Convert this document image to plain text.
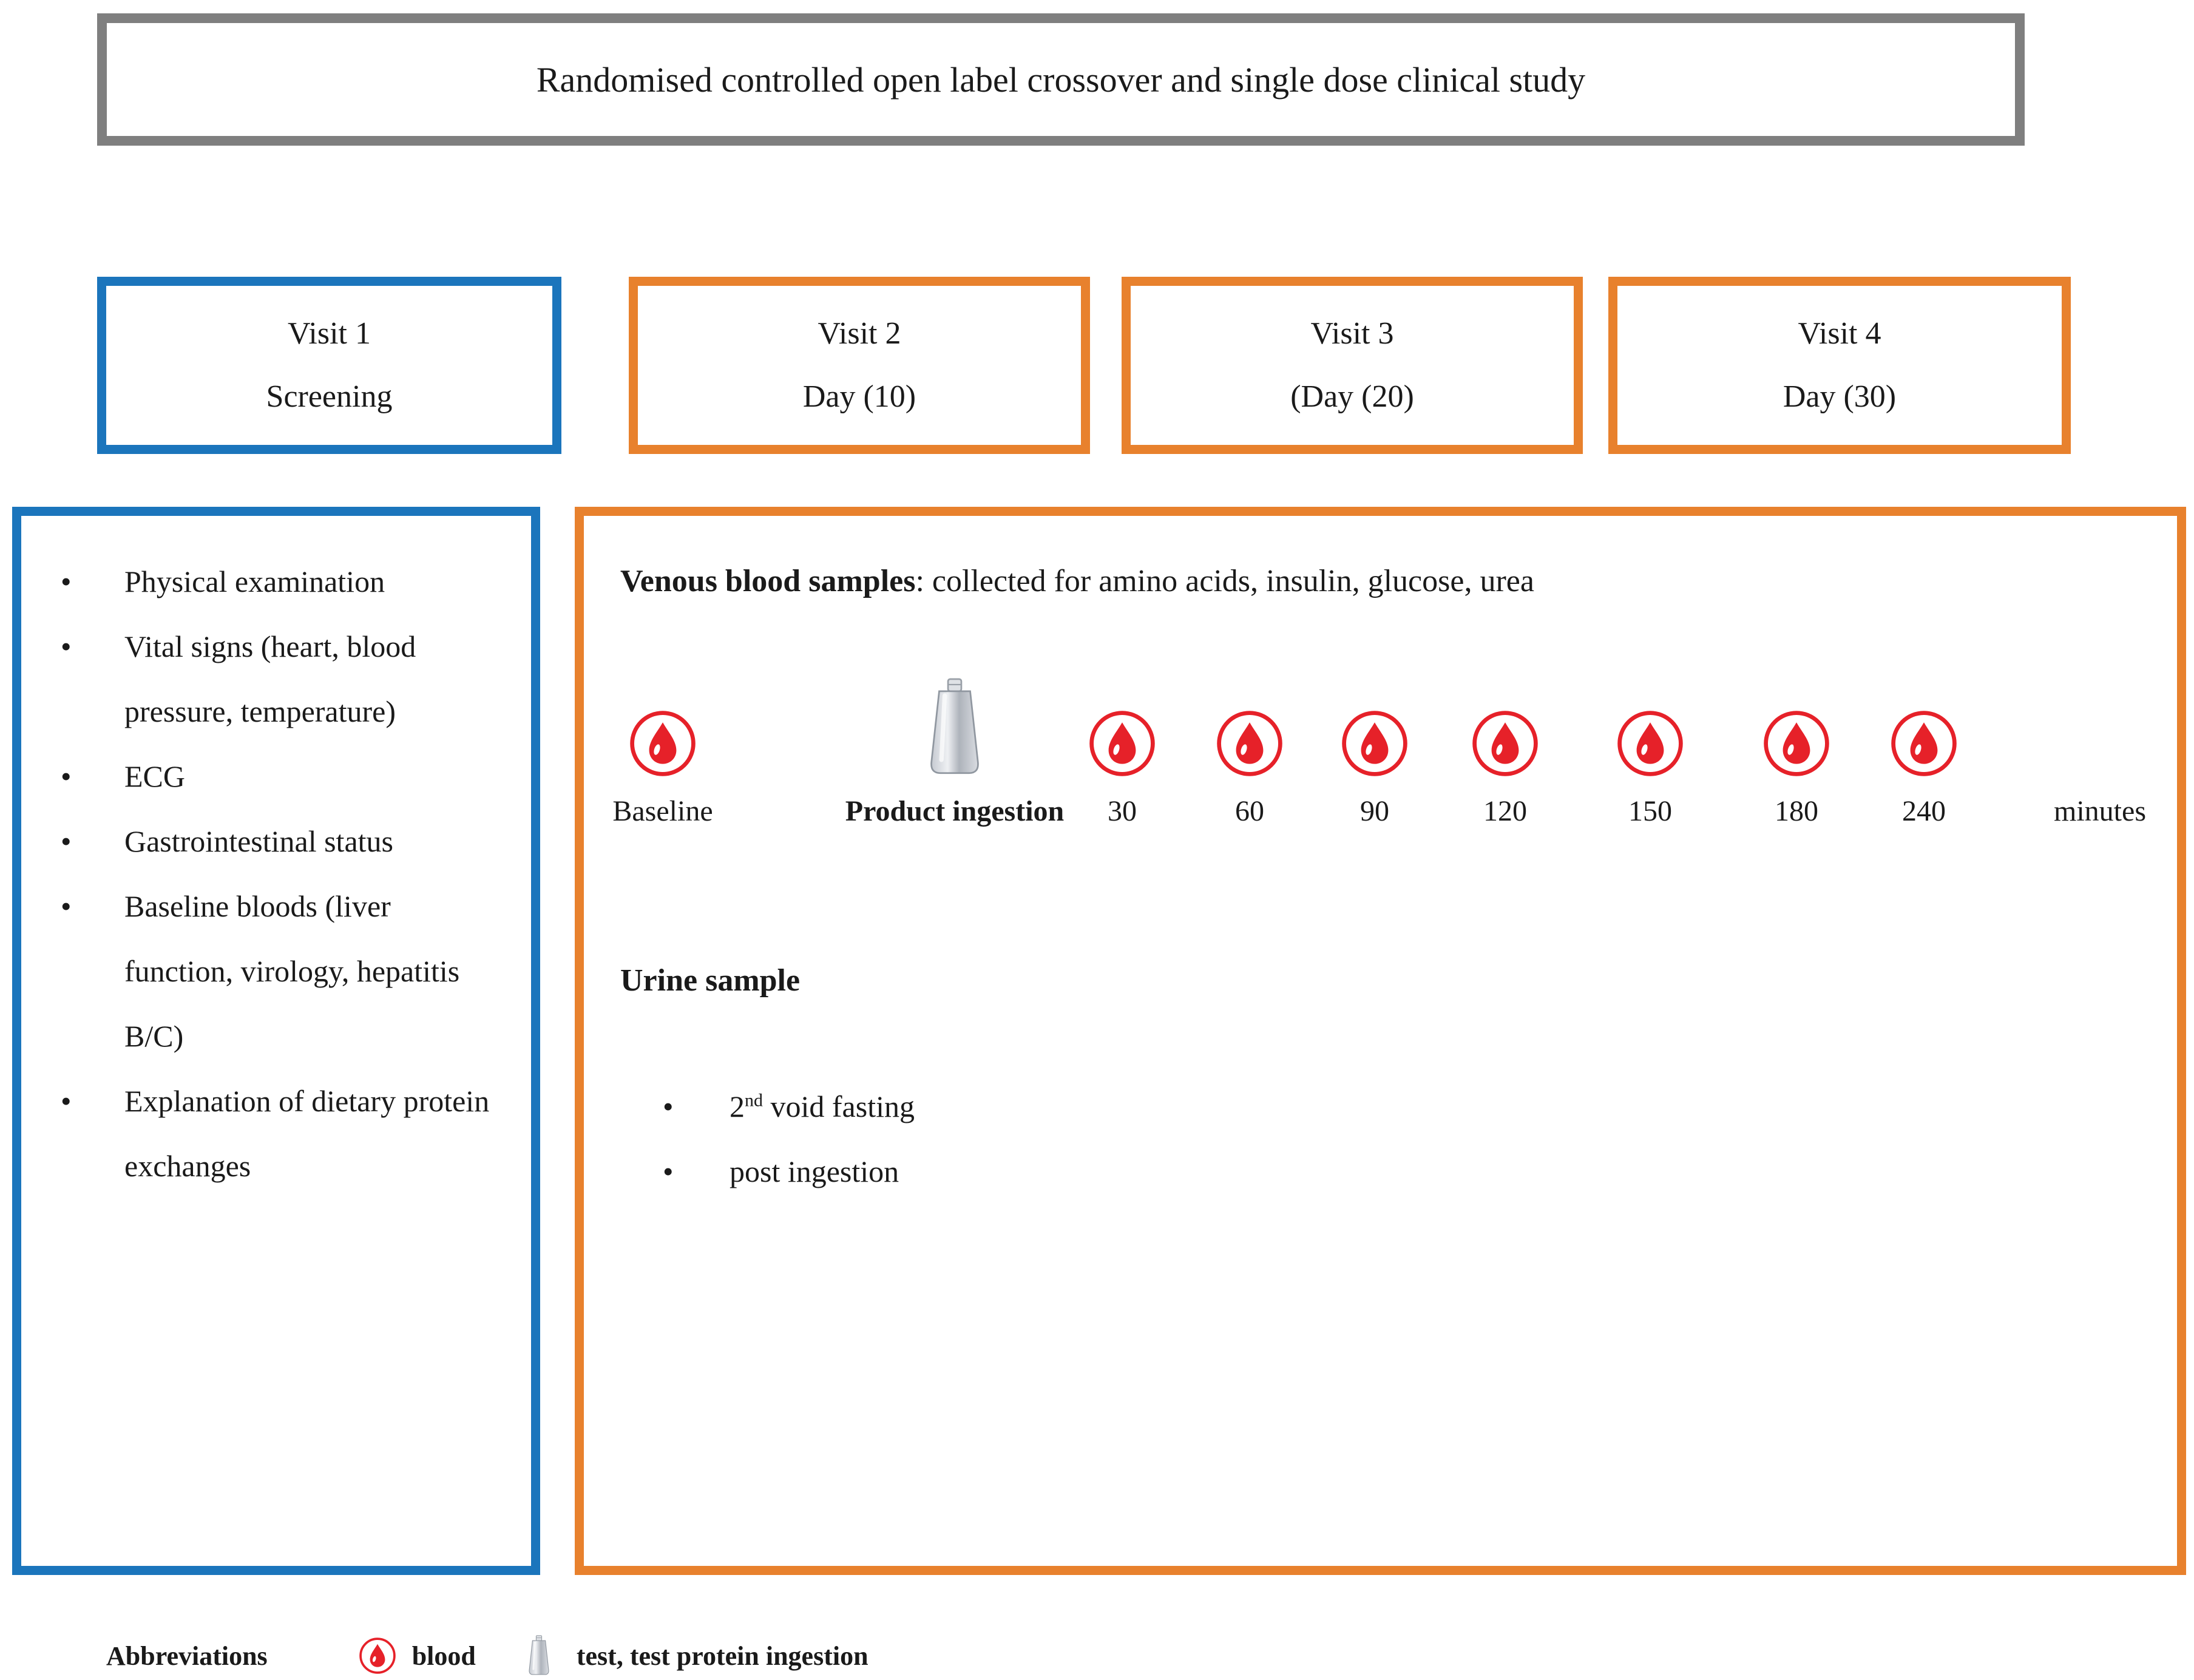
Randomised controlled open label crossover and single dose clinical study
Visit 1
Screening
Visit 2
Day (10)
Visit 3
(Day (20)
Visit 4
Day (30)
• Physical examination
• Vital signs (heart, blood pressure, temperature)
• ECG
• Gastrointestinal status
• Baseline bloods (liver function, virology, hepatitis B/C)
• Explanation of dietary protein exchanges
Venous blood samples: collected for amino acids, insulin, glucose, urea
Baseline	Product ingestion 30	60	90	120	150	180	240	minutes
Urine sample
• 2nd void fasting
• post ingestion
Abbreviations	blood	test, test protein ingestion
